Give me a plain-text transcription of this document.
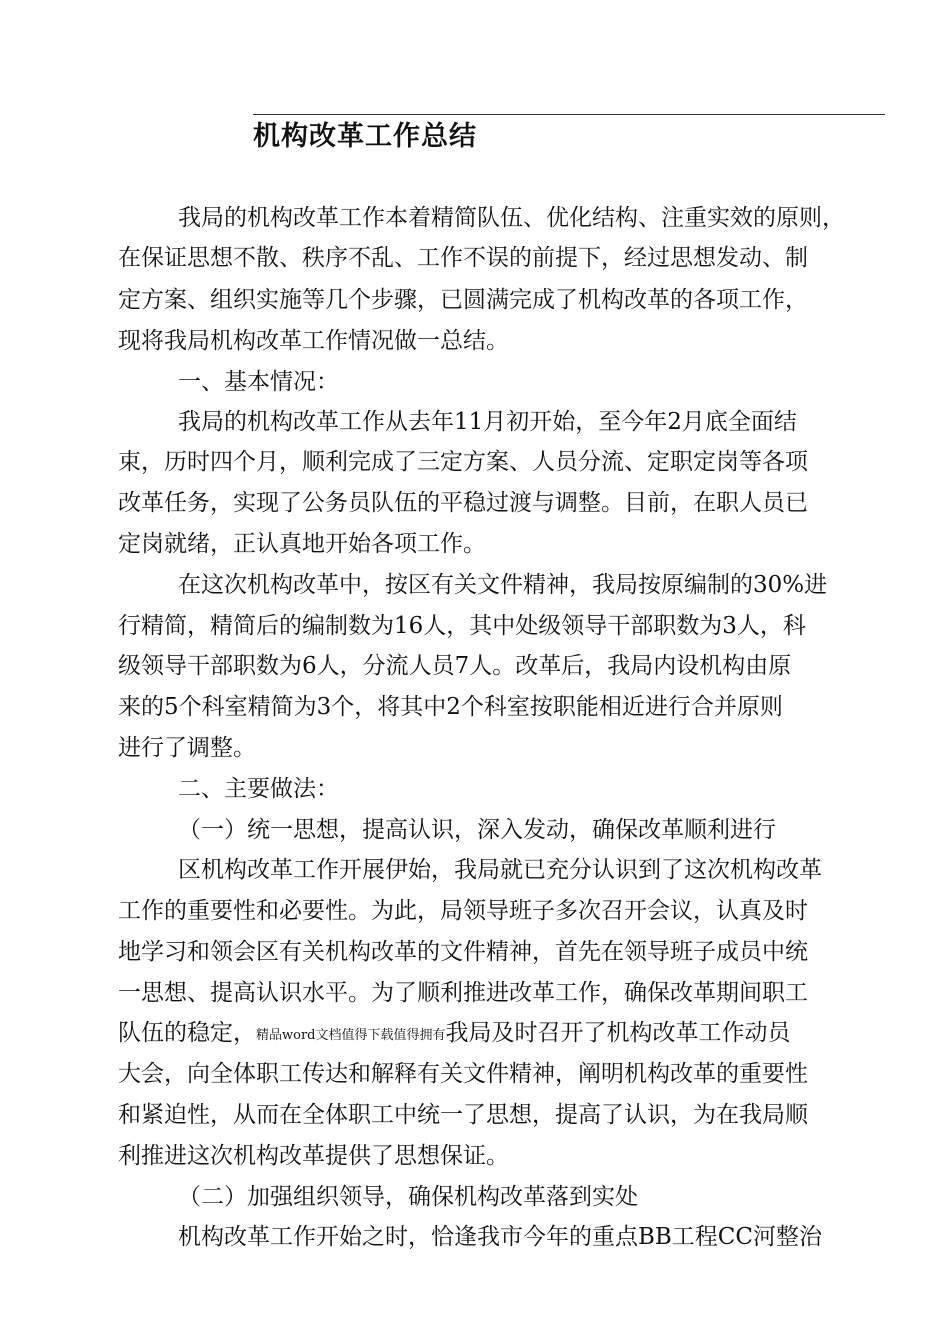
机构改革工作总结
我局的机构改革工作本着精简队伍、优化结构、注重实效的原则，
在保证思想不散、秩序不乱、工作不误的前提下，经过思想发动、制
定方案、组织实施等几个步骤，已圆满完成了机构改革的各项工作，
现将我局机构改革工作情况做一总结。
一、基本情况：
我局的机构改革工作从去年11月初开始，至今年2月底全面结
束，历时四个月，顺利完成了三定方案、人员分流、定职定岗等各项
改革任务，实现了公务员队伍的平稳过渡与调整。目前，在职人员已
定岗就绪，正认真地开始各项工作。
在这次机构改革中，按区有关文件精神，我局按原编制的30%进
行精简，精简后的编制数为16人，其中处级领导干部职数为3人，科
级领导干部职数为6人，分流人员7人。改革后，我局内设机构由原
来的5个科室精简为3个，将其中2个科室按职能相近进行合并原则
进行了调整。
二、主要做法：
（一）统一思想，提高认识，深入发动，确保改革顺利进行
区机构改革工作开展伊始，我局就已充分认识到了这次机构改革
工作的重要性和必要性。为此，局领导班子多次召开会议，认真及时
地学习和领会区有关机构改革的文件精神，首先在领导班子成员中统
一思想、提高认识水平。为了顺利推进改革工作，确保改革期间职工
队伍的稳定，精品word文档值得下载值得拥有我局及时召开了机构改革工作动员
大会，向全体职工传达和解释有关文件精神，阐明机构改革的重要性
和紧迫性，从而在全体职工中统一了思想，提高了认识，为在我局顺
利推进这次机构改革提供了思想保证。
（二）加强组织领导，确保机构改革落到实处
机构改革工作开始之时，恰逢我市今年的重点BB工程CC河整治
